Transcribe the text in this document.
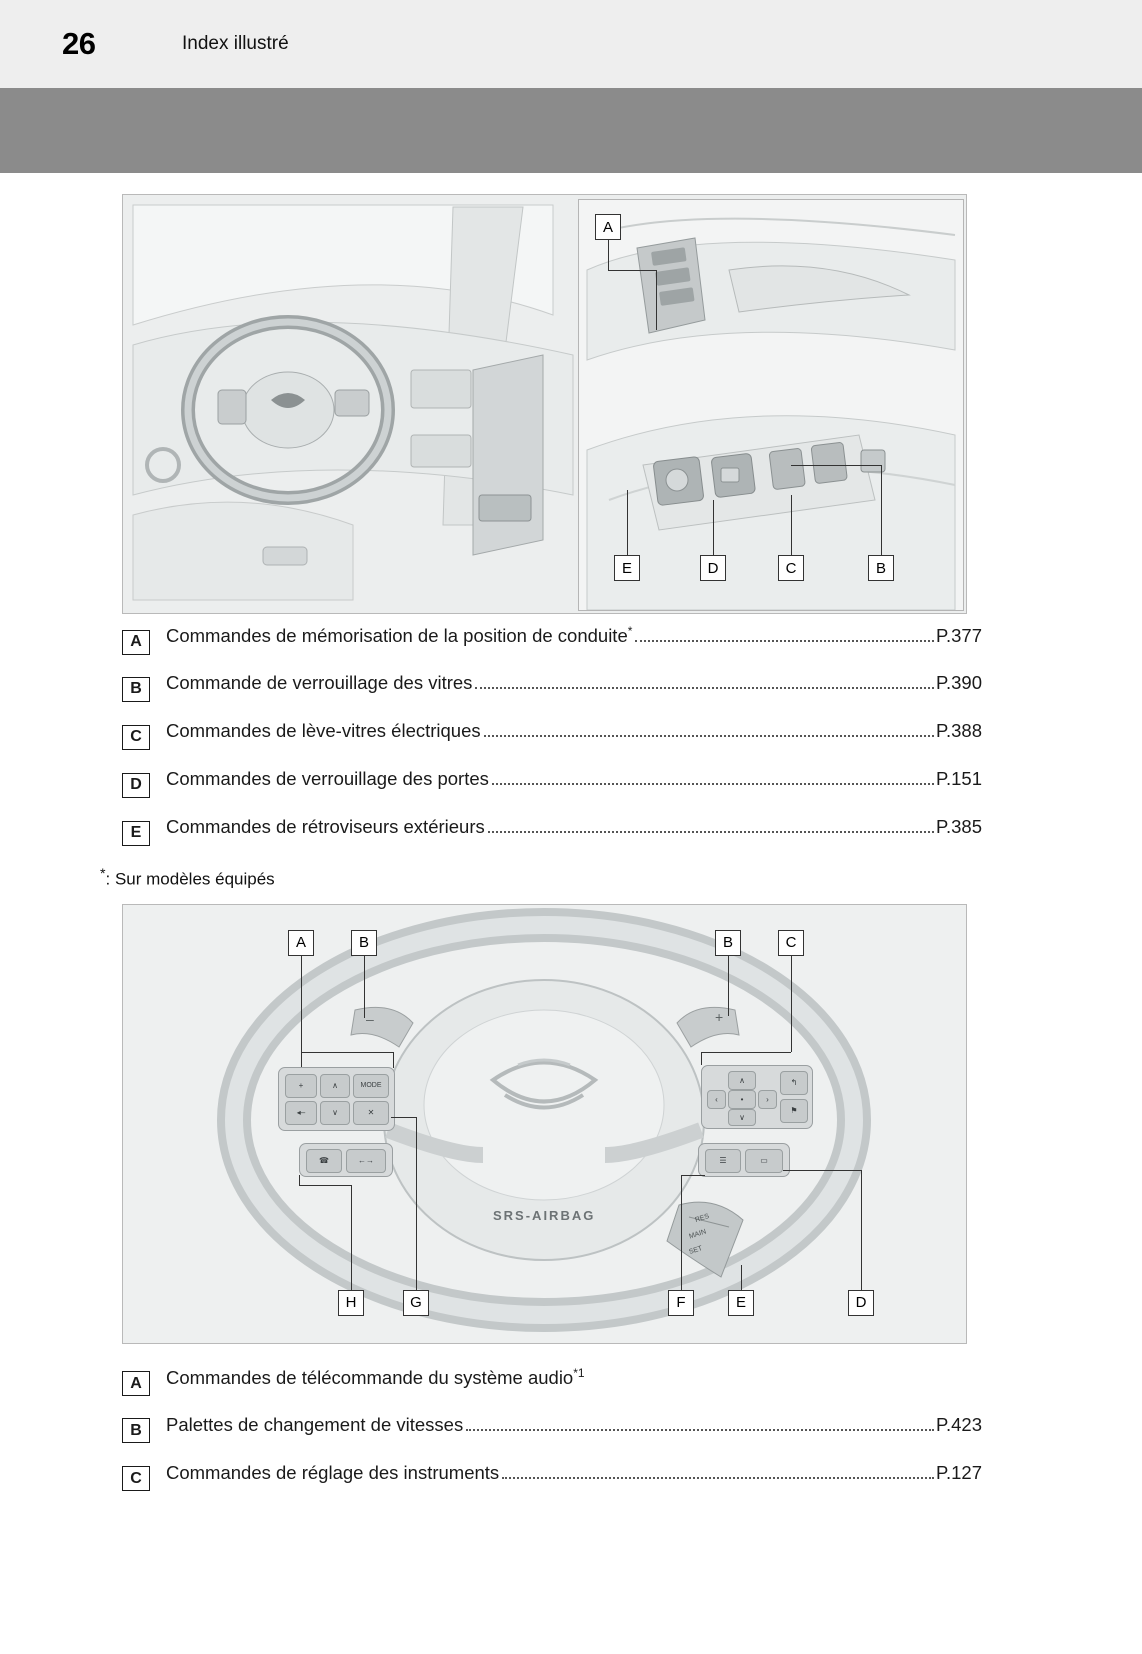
26	Index illustré
A
E	D	C	B
A	Commandes de mémorisation de la position de conduite*	P.377
B	Commande de verrouillage des vitres	P.390
C	Commandes de lève-vitres électriques	P.388
D	Commandes de verrouillage des portes	P.151
E	Commandes de rétroviseurs extérieurs	P.385
*: Sur modèles équipés
+	∧	MODE
◂–	∨	✕
☎	←→
∧
‹	•	›
∨
↰
⚑
☰	▭
–	+
RES
MAIN
SET
SRS-AIRBAG
A	B	B	C
H	G	F	E	D
A	Commandes de télécommande du système audio$^{*1}$
B	Palettes de changement de vitesses	P.423
C	Commandes de réglage des instruments	P.127
